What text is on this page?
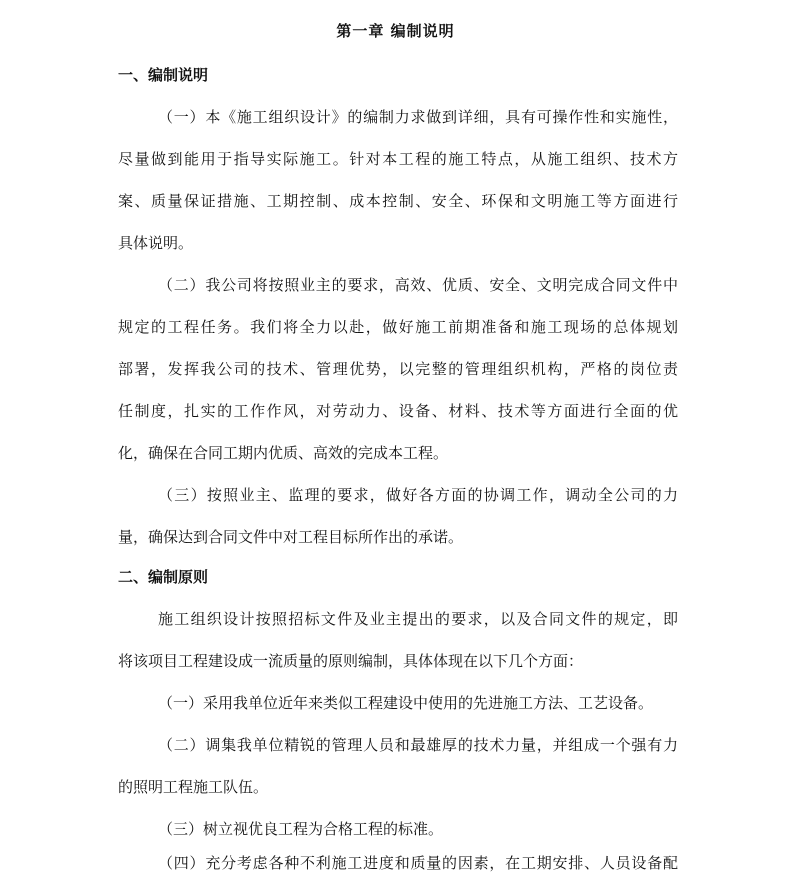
第一章 编制说明
一、编制说明
（一）本《施工组织设计》的编制力求做到详细，具有可操作性和实施性，
尽量做到能用于指导实际施工。针对本工程的施工特点，从施工组织、技术方
案、质量保证措施、工期控制、成本控制、安全、环保和文明施工等方面进行
具体说明。
（二）我公司将按照业主的要求，高效、优质、安全、文明完成合同文件中
规定的工程任务。我们将全力以赴，做好施工前期准备和施工现场的总体规划
部署，发挥我公司的技术、管理优势，以完整的管理组织机构，严格的岗位责
任制度，扎实的工作作风，对劳动力、设备、材料、技术等方面进行全面的优
化，确保在合同工期内优质、高效的完成本工程。
（三）按照业主、监理的要求，做好各方面的协调工作，调动全公司的力
量，确保达到合同文件中对工程目标所作出的承诺。
二、编制原则
施工组织设计按照招标文件及业主提出的要求，以及合同文件的规定，即
将该项目工程建设成一流质量的原则编制，具体体现在以下几个方面：
（一）采用我单位近年来类似工程建设中使用的先进施工方法、工艺设备。
（二）调集我单位精锐的管理人员和最雄厚的技术力量，并组成一个强有力
的照明工程施工队伍。
（三）树立视优良工程为合格工程的标准。
（四）充分考虑各种不利施工进度和质量的因素，在工期安排、人员设备配
